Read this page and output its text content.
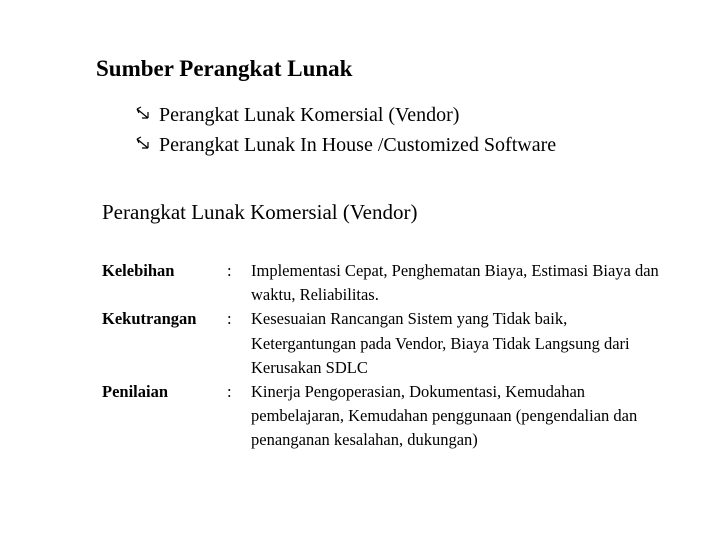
Sumber Perangkat Lunak
Perangkat Lunak Komersial (Vendor)
Perangkat Lunak In House /Customized Software
Perangkat Lunak Komersial (Vendor)
Kelebihan	:	Implementasi Cepat, Penghematan Biaya, Estimasi Biaya dan waktu, Reliabilitas.
Kekutrangan	:	Kesesuaian Rancangan Sistem yang Tidak baik, Ketergantungan pada Vendor, Biaya Tidak Langsung dari Kerusakan SDLC
Penilaian	:	Kinerja Pengoperasian, Dokumentasi, Kemudahan pembelajaran, Kemudahan penggunaan (pengendalian dan penanganan kesalahan, dukungan)
